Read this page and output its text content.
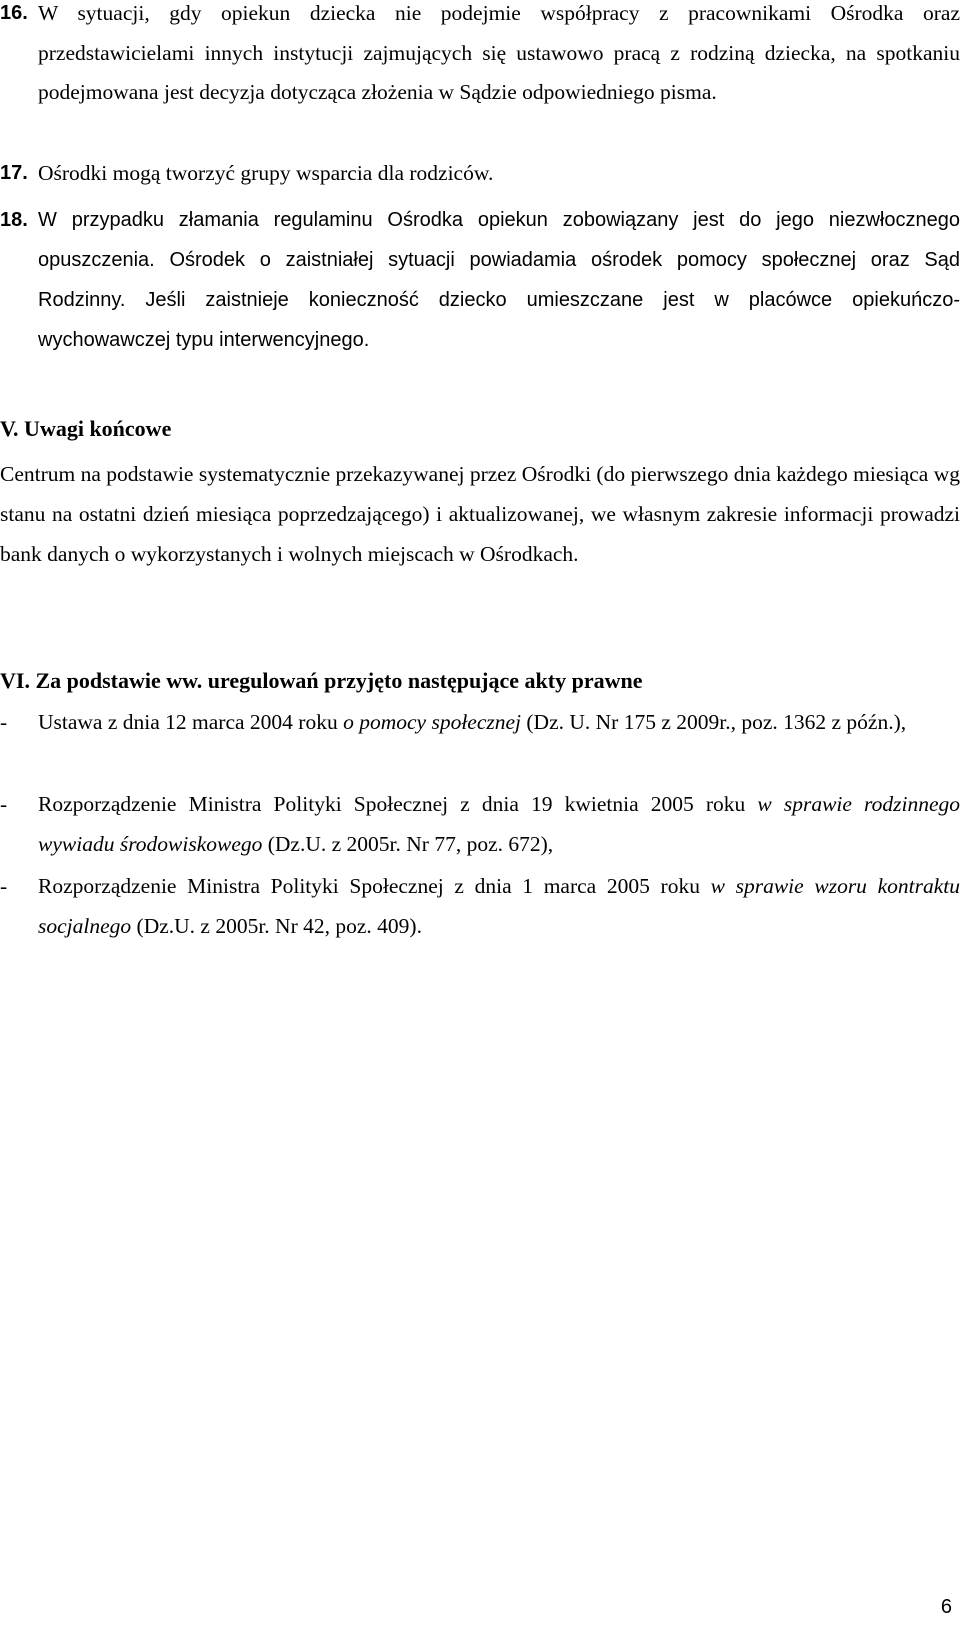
16. W sytuacji, gdy opiekun dziecka nie podejmie współpracy z pracownikami Ośrodka oraz przedstawicielami innych instytucji zajmujących się ustawowo pracą z rodziną dziecka, na spotkaniu podejmowana jest decyzja dotycząca złożenia w Sądzie odpowiedniego pisma.
17. Ośrodki mogą tworzyć grupy wsparcia dla rodziców.
18. W przypadku złamania regulaminu Ośrodka opiekun zobowiązany jest do jego niezwłocznego opuszczenia. Ośrodek o zaistniałej sytuacji powiadamia ośrodek pomocy społecznej oraz Sąd Rodzinny. Jeśli zaistnieje konieczność dziecko umieszczane jest w placówce opiekuńczo-wychowawczej typu interwencyjnego.
V. Uwagi końcowe
Centrum na podstawie systematycznie przekazywanej przez Ośrodki (do pierwszego dnia każdego miesiąca wg stanu na ostatni dzień miesiąca poprzedzającego) i aktualizowanej, we własnym zakresie informacji prowadzi bank danych o wykorzystanych i wolnych miejscach w Ośrodkach.
VI. Za podstawie ww. uregulowań przyjęto następujące akty prawne
- Ustawa z dnia 12 marca 2004 roku o pomocy społecznej (Dz. U. Nr 175 z 2009r., poz. 1362 z późn.),
- Rozporządzenie Ministra Polityki Społecznej z dnia 19 kwietnia 2005 roku w sprawie rodzinnego wywiadu środowiskowego (Dz.U. z 2005r. Nr 77, poz. 672),
- Rozporządzenie Ministra Polityki Społecznej z dnia 1 marca 2005 roku w sprawie wzoru kontraktu socjalnego (Dz.U. z 2005r. Nr 42, poz. 409).
6
